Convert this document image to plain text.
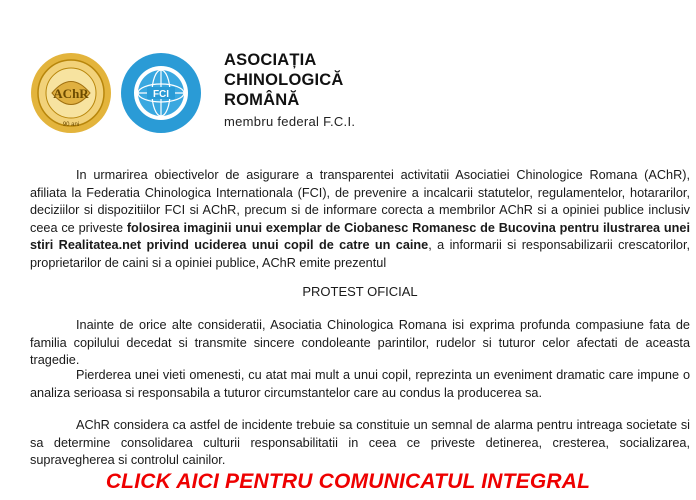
AChR
90 ani
FCI
ASOCIAȚIA
CHINOLOGICĂ
ROMÂNĂ
membru federal F.C.I.

In urmarirea obiectivelor de asigurare a transparentei activitatii Asociatiei Chinologice Romana (AChR), afiliata la Federatia Chinologica Internationala (FCI), de prevenire a incalcarii statutelor, regulamentelor, hotararilor, deciziilor si dispozitiilor FCI si AChR, precum si de informare corecta a membrilor AChR si a opiniei publice inclusiv ceea ce priveste folosirea imaginii unui exemplar de Ciobanesc Romanesc de Bucovina pentru ilustrarea unei stiri Realitatea.net privind uciderea unui copil de catre un caine, a informarii si responsabilizarii crescatorilor, proprietarilor de caini si a opiniei publice, AChR emite prezentul

PROTEST OFICIAL

Inainte de orice alte consideratii, Asociatia Chinologica Romana isi exprima profunda compasiune fata de familia copilului decedat si transmite sincere condoleante parintilor, rudelor si tuturor celor afectati de aceasta tragedie.

Pierderea unei vieti omenesti, cu atat mai mult a unui copil, reprezinta un eveniment dramatic care impune o analiza serioasa si responsabila a tuturor circumstantelor care au condus la producerea sa.

AChR considera ca astfel de incidente trebuie sa constituie un semnal de alarma pentru intreaga societate si sa determine consolidarea culturii responsabilitatii in ceea ce priveste detinerea, cresterea, socializarea, supravegherea si controlul cainilor.

CLICK AICI PENTRU COMUNICATUL INTEGRAL
